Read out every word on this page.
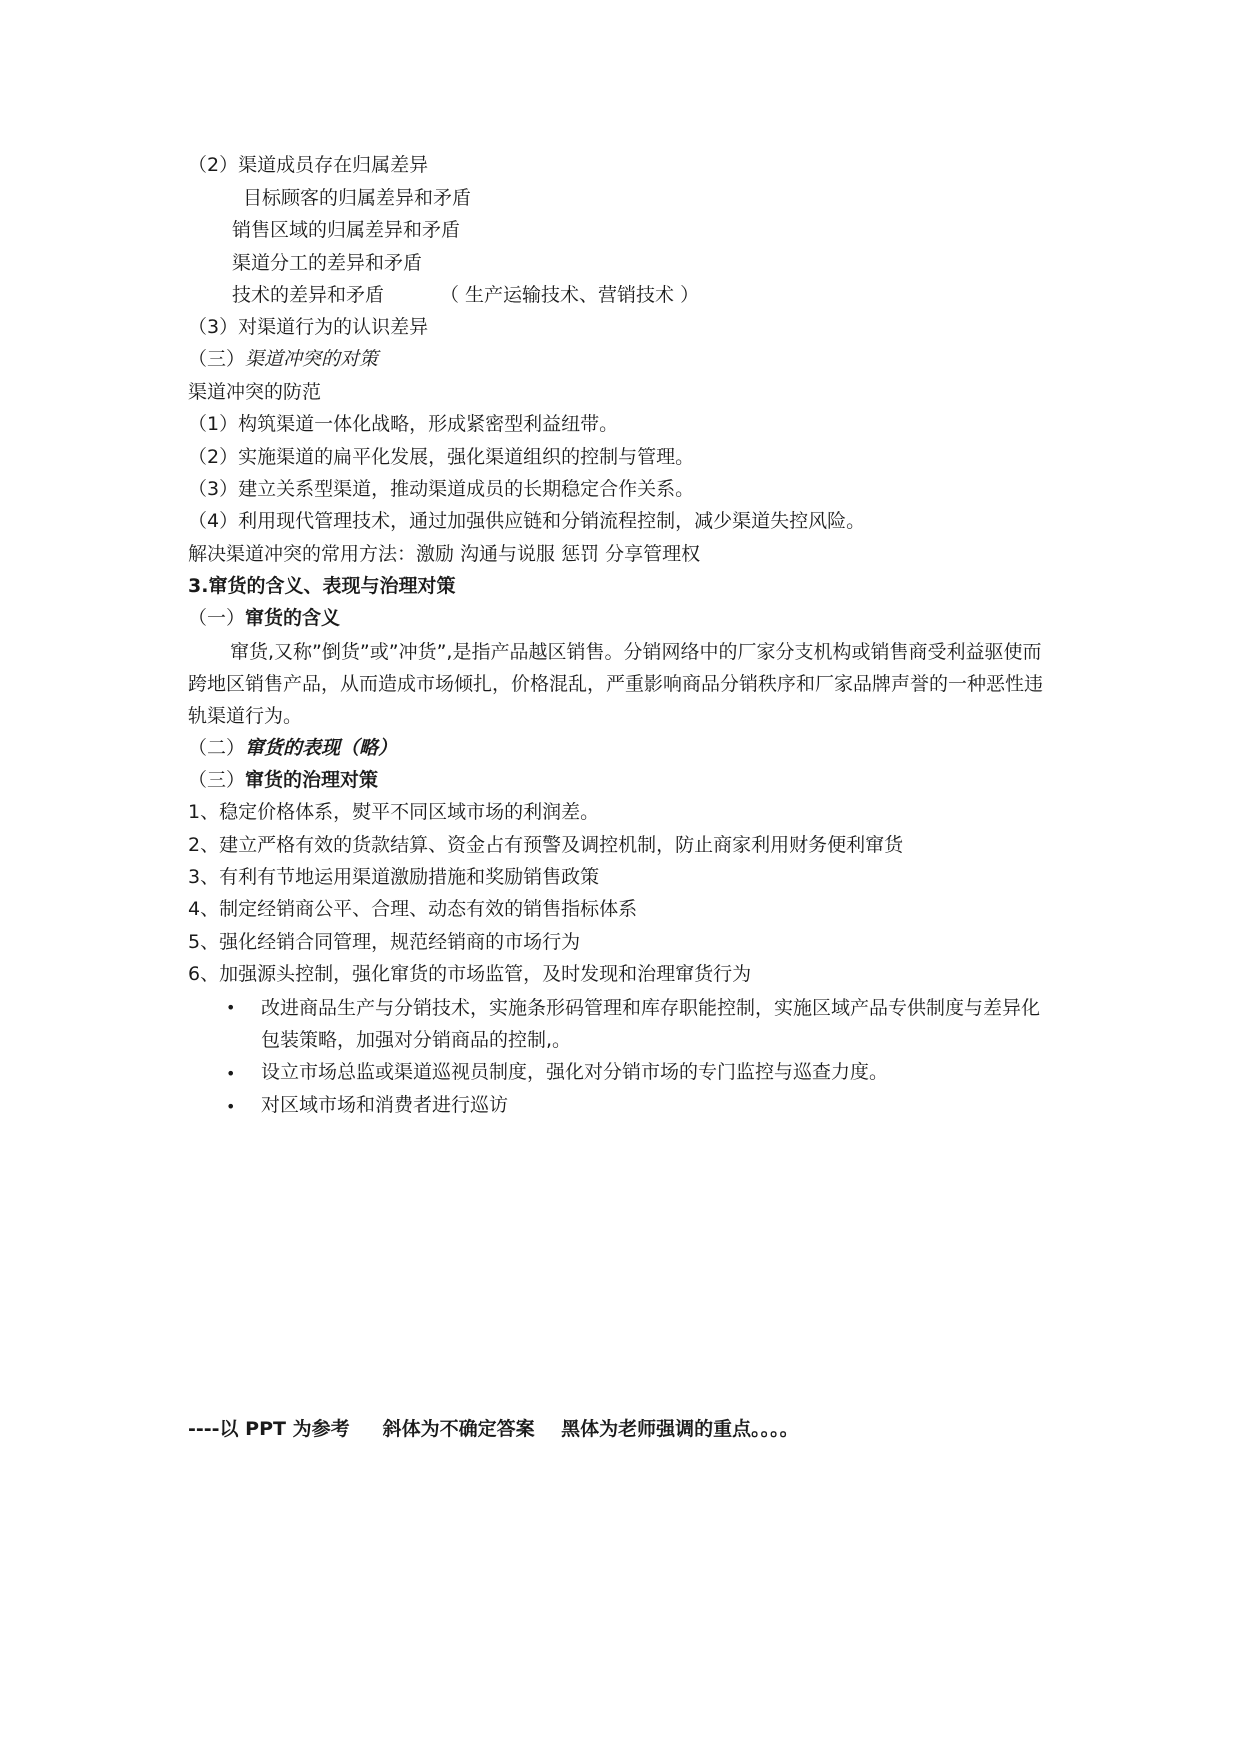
（2）渠道成员存在归属差异
目标顾客的归属差异和矛盾
销售区域的归属差异和矛盾
渠道分工的差异和矛盾
技术的差异和矛盾	（ 生产运输技术、营销技术 ）
（3）对渠道行为的认识差异
（三）渠道冲突的对策
渠道冲突的防范
（1）构筑渠道一体化战略，形成紧密型利益纽带。
（2）实施渠道的扁平化发展，强化渠道组织的控制与管理。
（3）建立关系型渠道，推动渠道成员的长期稳定合作关系。
（4）利用现代管理技术，通过加强供应链和分销流程控制，减少渠道失控风险。
解决渠道冲突的常用方法：激励 沟通与说服 惩罚 分享管理权
3.窜货的含义、表现与治理对策
（一）窜货的含义
窜货,又称”倒货”或”冲货”,是指产品越区销售。分销网络中的厂家分支机构或销售商受利益驱使而跨地区销售产品，从而造成市场倾扎，价格混乱，严重影响商品分销秩序和厂家品牌声誉的一种恶性违轨渠道行为。
（二）窜货的表现（略）
（三）窜货的治理对策
1、稳定价格体系，熨平不同区域市场的利润差。
2、建立严格有效的货款结算、资金占有预警及调控机制，防止商家利用财务便利窜货
3、有利有节地运用渠道激励措施和奖励销售政策
4、制定经销商公平、合理、动态有效的销售指标体系
5、强化经销合同管理，规范经销商的市场行为
6、加强源头控制，强化窜货的市场监管，及时发现和治理窜货行为
• 改进商品生产与分销技术，实施条形码管理和库存职能控制，实施区域产品专供制度与差异化包装策略，加强对分销商品的控制,。
• 设立市场总监或渠道巡视员制度，强化对分销市场的专门监控与巡查力度。
• 对区域市场和消费者进行巡访
----以 PPT 为参考     斜体为不确定答案    黑体为老师强调的重点。。。。
